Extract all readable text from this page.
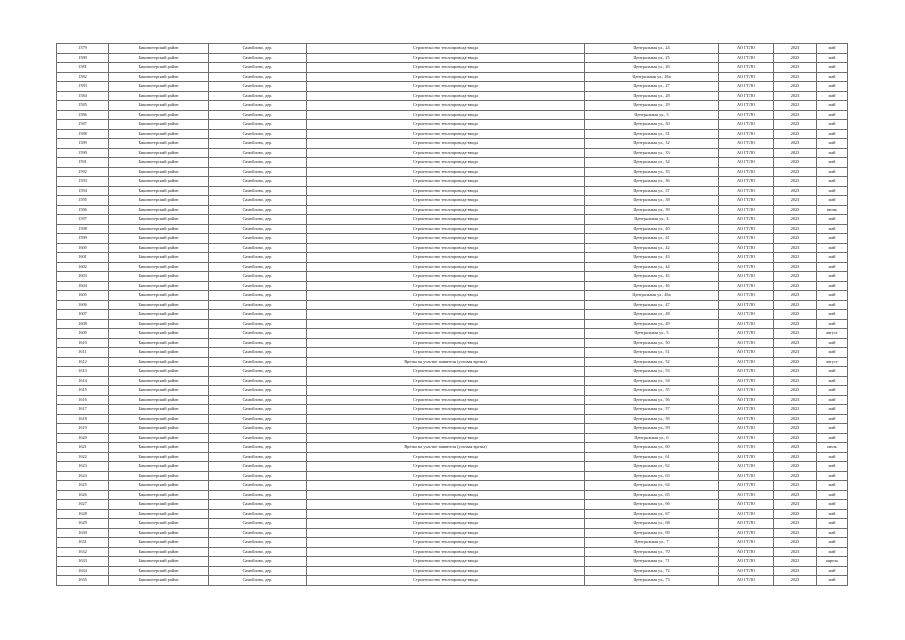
1579	Бикинотерский район	Самойлово, дер.	Строительство теплопровода-ввода	Центральная ул., 24	АО ГТЛО	2023	май
1580	Бикинотерский район	Самойлово, дер.	Строительство теплопровода-ввода	Центральная ул., 25	АО ГТЛО	2023	май
1581	Бикинотерский район	Самойлово, дер.	Строительство теплопровода-ввода	Центральная ул., 26	АО ГТЛО	2023	май
1582	Бикинотерский район	Самойлово, дер.	Строительство теплопровода-ввода	Центральная ул., 26а	АО ГТЛО	2023	май
1583	Бикинотерский район	Самойлово, дер.	Строительство теплопровода-ввода	Центральная ул., 27	АО ГТЛО	2023	май
1584	Бикинотерский район	Самойлово, дер.	Строительство теплопровода-ввода	Центральная ул., 28	АО ГТЛО	2023	май
1585	Бикинотерский район	Самойлово, дер.	Строительство теплопровода-ввода	Центральная ул., 29	АО ГТЛО	2023	май
1586	Бикинотерский район	Самойлово, дер.	Строительство теплопровода-ввода	Центральная ул., 3	АО ГТЛО	2023	май
1587	Бикинотерский район	Самойлово, дер.	Строительство теплопровода-ввода	Центральная ул., 30	АО ГТЛО	2023	май
1588	Бикинотерский район	Самойлово, дер.	Строительство теплопровода-ввода	Центральная ул., 31	АО ГТЛО	2023	май
1589	Бикинотерский район	Самойлово, дер.	Строительство теплопровода-ввода	Центральная ул., 32	АО ГТЛО	2023	май
1590	Бикинотерский район	Самойлово, дер.	Строительство теплопровода-ввода	Центральная ул., 33	АО ГТЛО	2023	май
1591	Бикинотерский район	Самойлово, дер.	Строительство теплопровода-ввода	Центральная ул., 34	АО ГТЛО	2023	май
1592	Бикинотерский район	Самойлово, дер.	Строительство теплопровода-ввода	Центральная ул., 35	АО ГТЛО	2023	май
1593	Бикинотерский район	Самойлово, дер.	Строительство теплопровода-ввода	Центральная ул., 36	АО ГТЛО	2023	май
1594	Бикинотерский район	Самойлово, дер.	Строительство теплопровода-ввода	Центральная ул., 37	АО ГТЛО	2023	май
1595	Бикинотерский район	Самойлово, дер.	Строительство теплопровода-ввода	Центральная ул., 38	АО ГТЛО	2023	май
1596	Бикинотерский район	Самойлово, дер.	Строительство теплопровода-ввода	Центральная ул., 39	АО ГТЛО	2023	июнь
1597	Бикинотерский район	Самойлово, дер.	Строительство теплопровода-ввода	Центральная ул., 4	АО ГТЛО	2023	май
1598	Бикинотерский район	Самойлово, дер.	Строительство теплопровода-ввода	Центральная ул., 40	АО ГТЛО	2023	май
1599	Бикинотерский район	Самойлово, дер.	Строительство теплопровода-ввода	Центральная ул., 41	АО ГТЛО	2023	май
1600	Бикинотерский район	Самойлово, дер.	Строительство теплопровода-ввода	Центральная ул., 42	АО ГТЛО	2023	май
1601	Бикинотерский район	Самойлово, дер.	Строительство теплопровода-ввода	Центральная ул., 43	АО ГТЛО	2023	май
1602	Бикинотерский район	Самойлово, дер.	Строительство теплопровода-ввода	Центральная ул., 44	АО ГТЛО	2023	май
1603	Бикинотерский район	Самойлово, дер.	Строительство теплопровода-ввода	Центральная ул., 45	АО ГТЛО	2023	май
1604	Бикинотерский район	Самойлово, дер.	Строительство теплопровода-ввода	Центральная ул., 46	АО ГТЛО	2023	май
1605	Бикинотерский район	Самойлово, дер.	Строительство теплопровода-ввода	Центральная ул., 46а	АО ГТЛО	2023	май
1606	Бикинотерский район	Самойлово, дер.	Строительство теплопровода-ввода	Центральная ул., 47	АО ГТЛО	2023	май
1607	Бикинотерский район	Самойлово, дер.	Строительство теплопровода-ввода	Центральная ул., 48	АО ГТЛО	2023	май
1608	Бикинотерский район	Самойлово, дер.	Строительство теплопровода-ввода	Центральная ул., 49	АО ГТЛО	2023	май
1609	Бикинотерский район	Самойлово, дер.	Строительство теплопровода-ввода	Центральная ул., 5	АО ГТЛО	2023	август
1610	Бикинотерский район	Самойлово, дер.	Строительство теплопровода-ввода	Центральная ул., 50	АО ГТЛО	2023	май
1611	Бикинотерский район	Самойлово, дер.	Строительство теплопровода-ввода	Центральная ул., 51	АО ГТЛО	2023	май
1612	Бикинотерский район	Самойлово, дер.	Врезка на участке заявителя (угловая врезка)	Центральная ул., 52	АО ГТЛО	2023	август
1613	Бикинотерский район	Самойлово, дер.	Строительство теплопровода-ввода	Центральная ул., 53	АО ГТЛО	2023	май
1614	Бикинотерский район	Самойлово, дер.	Строительство теплопровода-ввода	Центральная ул., 54	АО ГТЛО	2023	май
1615	Бикинотерский район	Самойлово, дер.	Строительство теплопровода-ввода	Центральная ул., 55	АО ГТЛО	2023	май
1616	Бикинотерский район	Самойлово, дер.	Строительство теплопровода-ввода	Центральная ул., 56	АО ГТЛО	2023	май
1617	Бикинотерский район	Самойлово, дер.	Строительство теплопровода-ввода	Центральная ул., 57	АО ГТЛО	2023	май
1618	Бикинотерский район	Самойлово, дер.	Строительство теплопровода-ввода	Центральная ул., 58	АО ГТЛО	2023	май
1619	Бикинотерский район	Самойлово, дер.	Строительство теплопровода-ввода	Центральная ул., 59	АО ГТЛО	2023	май
1620	Бикинотерский район	Самойлово, дер.	Строительство теплопровода-ввода	Центральная ул., 6	АО ГТЛО	2023	май
1621	Бикинотерский район	Самойлово, дер.	Врезка на участке заявителя (угловая врезка)	Центральная ул., 60	АО ГТЛО	2023	июль
1622	Бикинотерский район	Самойлово, дер.	Строительство теплопровода-ввода	Центральная ул., 61	АО ГТЛО	2023	май
1623	Бикинотерский район	Самойлово, дер.	Строительство теплопровода-ввода	Центральная ул., 62	АО ГТЛО	2023	май
1624	Бикинотерский район	Самойлово, дер.	Строительство теплопровода-ввода	Центральная ул., 63	АО ГТЛО	2023	май
1625	Бикинотерский район	Самойлово, дер.	Строительство теплопровода-ввода	Центральная ул., 64	АО ГТЛО	2023	май
1626	Бикинотерский район	Самойлово, дер.	Строительство теплопровода-ввода	Центральная ул., 65	АО ГТЛО	2023	май
1627	Бикинотерский район	Самойлово, дер.	Строительство теплопровода-ввода	Центральная ул., 66	АО ГТЛО	2023	май
1628	Бикинотерский район	Самойлово, дер.	Строительство теплопровода-ввода	Центральная ул., 67	АО ГТЛО	2023	май
1629	Бикинотерский район	Самойлово, дер.	Строительство теплопровода-ввода	Центральная ул., 68	АО ГТЛО	2023	май
1630	Бикинотерский район	Самойлово, дер.	Строительство теплопровода-ввода	Центральная ул., 69	АО ГТЛО	2023	май
1631	Бикинотерский район	Самойлово, дер.	Строительство теплопровода-ввода	Центральная ул., 7	АО ГТЛО	2023	май
1632	Бикинотерский район	Самойлово, дер.	Строительство теплопровода-ввода	Центральная ул., 70	АО ГТЛО	2023	май
1633	Бикинотерский район	Самойлово, дер.	Строительство теплопровода-ввода	Центральная ул., 71	АО ГТЛО	2023	апрель
1634	Бикинотерский район	Самойлово, дер.	Строительство теплопровода-ввода	Центральная ул., 72	АО ГТЛО	2023	май
1635	Бикинотерский район	Самойлово, дер.	Строительство теплопровода-ввода	Центральная ул., 73	АО ГТЛО	2023	май
